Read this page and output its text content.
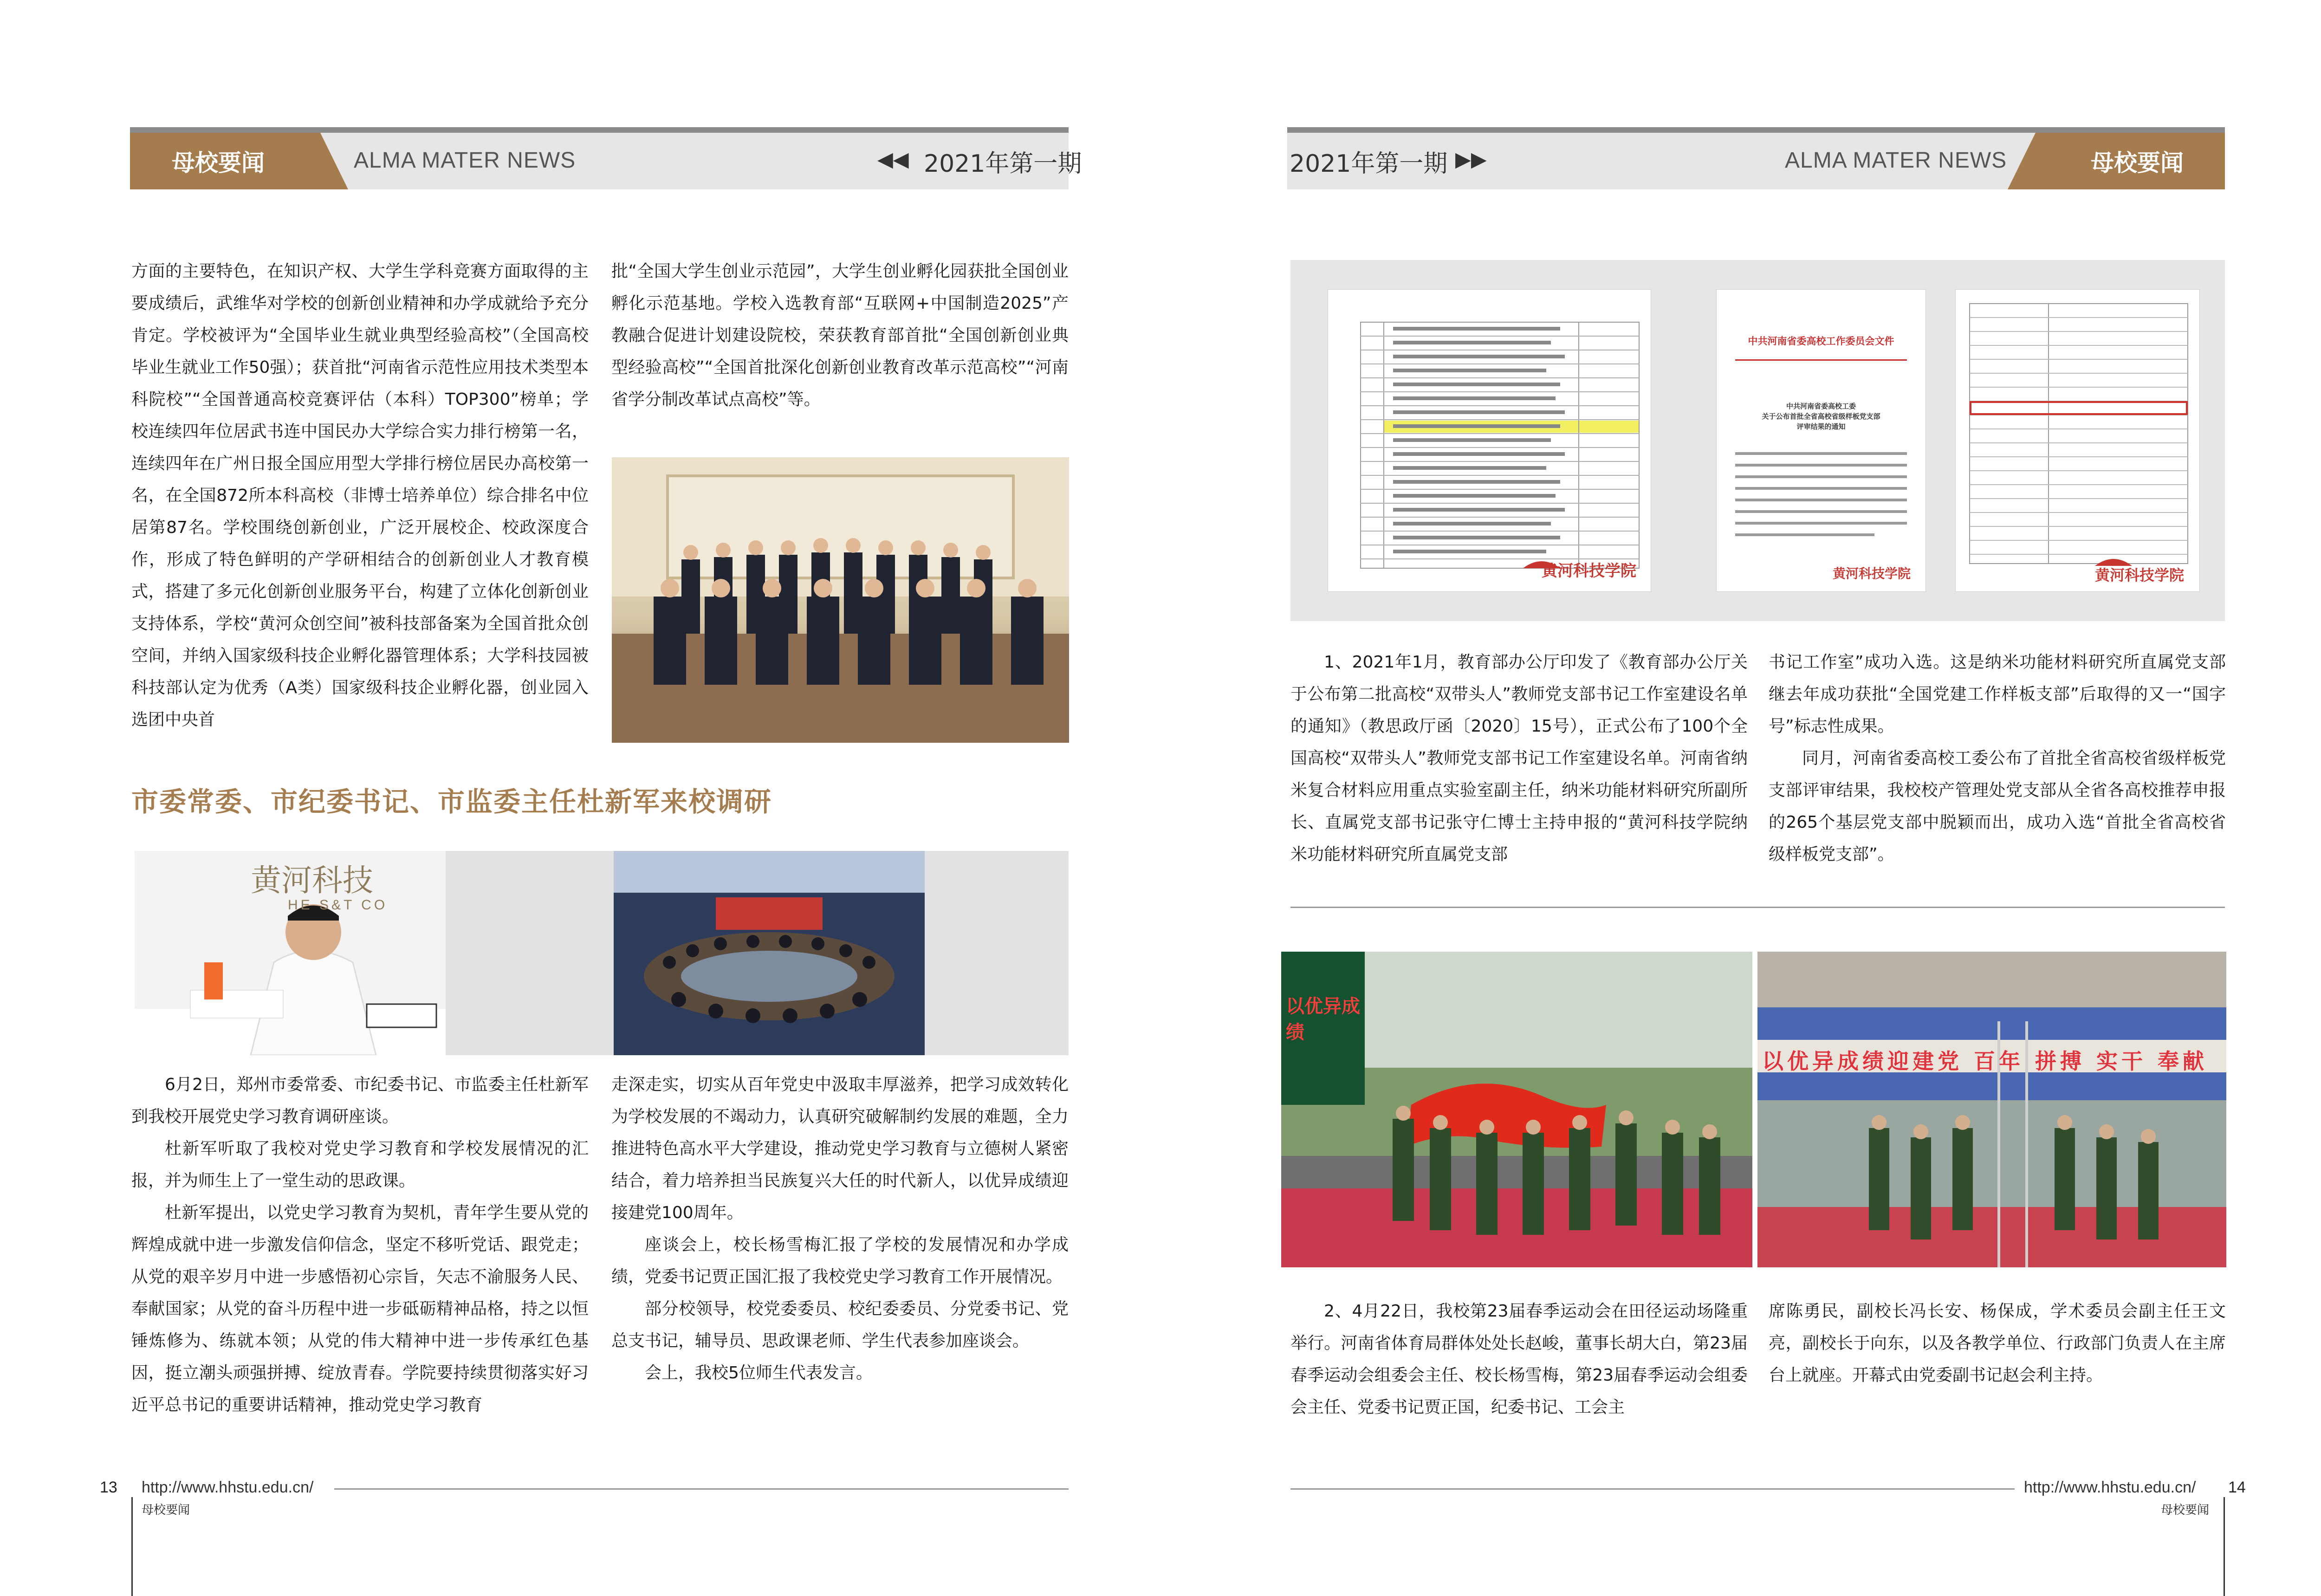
母校要闻	ALMA MATER NEWS	◀◀ 2021年第一期
方面的主要特色，在知识产权、大学生学科竞赛方面取得的主要成绩后，武维华对学校的创新创业精神和办学成就给予充分肯定。学校被评为“全国毕业生就业典型经验高校”（全国高校毕业生就业工作50强）；获首批“河南省示范性应用技术类型本科院校”“全国普通高校竞赛评估（本科）TOP300”榜单；学校连续四年位居武书连中国民办大学综合实力排行榜第一名，连续四年在广州日报全国应用型大学排行榜位居民办高校第一名，在全国872所本科高校（非博士培养单位）综合排名中位居第87名。学校围绕创新创业，广泛开展校企、校政深度合作，形成了特色鲜明的产学研相结合的创新创业人才教育模式，搭建了多元化创新创业服务平台，构建了立体化创新创业支持体系，学校“黄河众创空间”被科技部备案为全国首批众创空间，并纳入国家级科技企业孵化器管理体系；大学科技园被科技部认定为优秀（A类）国家级科技企业孵化器，创业园入选团中央首
批“全国大学生创业示范园”，大学生创业孵化园获批全国创业孵化示范基地。学校入选教育部“互联网+中国制造2025”产教融合促进计划建设院校，荣获教育部首批“全国创新创业典型经验高校”“全国首批深化创新创业教育改革示范高校”“河南省学分制改革试点高校”等。
市委常委、市纪委书记、市监委主任杜新军来校调研
黄河科技
HE S&T CO

6月2日，郑州市委常委、市纪委书记、市监委主任杜新军到我校开展党史学习教育调研座谈。

杜新军听取了我校对党史学习教育和学校发展情况的汇报，并为师生上了一堂生动的思政课。

杜新军提出，以党史学习教育为契机，青年学生要从党的辉煌成就中进一步激发信仰信念，坚定不移听党话、跟党走；从党的艰辛岁月中进一步感悟初心宗旨，矢志不渝服务人民、奉献国家；从党的奋斗历程中进一步砥砺精神品格，持之以恒锤炼修为、练就本领；从党的伟大精神中进一步传承红色基因，挺立潮头顽强拼搏、绽放青春。学院要持续贯彻落实好习近平总书记的重要讲话精神，推动党史学习教育

走深走实，切实从百年党史中汲取丰厚滋养，把学习成效转化为学校发展的不竭动力，认真研究破解制约发展的难题，全力推进特色高水平大学建设，推动党史学习教育与立德树人紧密结合，着力培养担当民族复兴大任的时代新人，以优异成绩迎接建党100周年。

座谈会上，校长杨雪梅汇报了学校的发展情况和办学成绩，党委书记贾正国汇报了我校党史学习教育工作开展情况。

部分校领导，校党委委员、校纪委委员、分党委书记、党总支书记，辅导员、思政课老师、学生代表参加座谈会。

会上，我校5位师生代表发言。

13 http://www.hhstu.edu.cn/
母校要闻
2021年第一期 ▶▶	ALMA MATER NEWS	母校要闻
黄河科技学院
中共河南省委高校工作委员会文件
中共河南省委高校工委
关于公布首批全省高校省级样板党支部
评审结果的通知
黄河科技学院	黄河科技学院
1、2021年1月，教育部办公厅印发了《教育部办公厅关于公布第二批高校“双带头人”教师党支部书记工作室建设名单的通知》（教思政厅函〔2020〕15号），正式公布了100个全国高校“双带头人”教师党支部书记工作室建设名单。河南省纳米复合材料应用重点实验室副主任，纳米功能材料研究所副所长、直属党支部书记张守仁博士主持申报的“黄河科技学院纳米功能材料研究所直属党支部

书记工作室”成功入选。这是纳米功能材料研究所直属党支部继去年成功获批“全国党建工作样板支部”后取得的又一“国字号”标志性成果。

同月，河南省委高校工委公布了首批全省高校省级样板党支部评审结果，我校校产管理处党支部从全省各高校推荐申报的265个基层党支部中脱颖而出，成功入选“首批全省高校省级样板党支部”。

以优异成绩
以优异成绩迎建党 百年 拼搏 实干 奉献
2、4月22日，我校第23届春季运动会在田径运动场隆重举行。河南省体育局群体处处长赵峻，董事长胡大白，第23届春季运动会组委会主任、校长杨雪梅，第23届春季运动会组委会主任、党委书记贾正国，纪委书记、工会主
席陈勇民，副校长冯长安、杨保成，学术委员会副主任王文亮，副校长于向东，以及各教学单位、行政部门负责人在主席台上就座。开幕式由党委副书记赵会利主持。
http://www.hhstu.edu.cn/ 14
母校要闻
